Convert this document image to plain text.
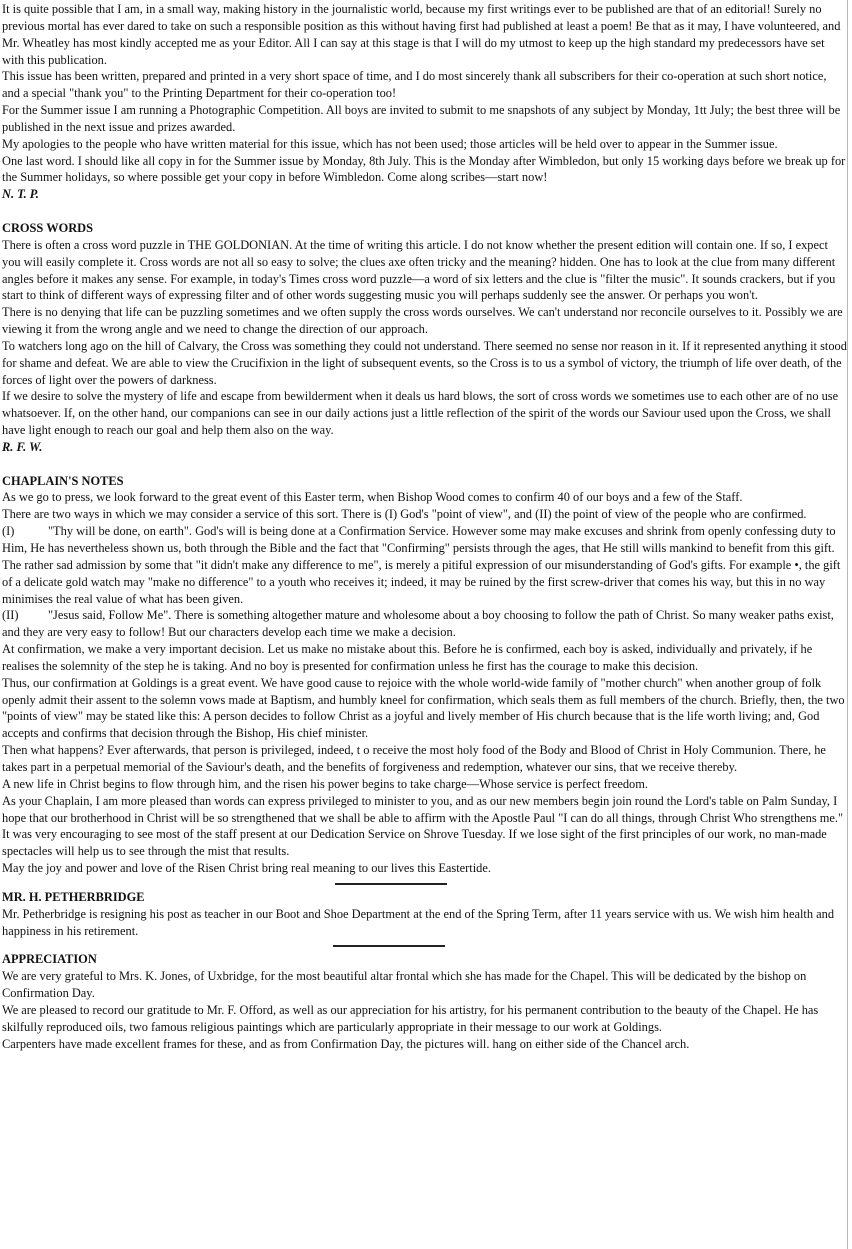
It is quite possible that I am, in a small way, making history in the journalistic world, because my first writings ever to be published are that of an editorial! Surely no previous mortal has ever dared to take on such a responsible position as this without having first had published at least a poem! Be that as it may, I have volunteered, and Mr. Wheatley has most kindly accepted me as your Editor. All I can say at this stage is that I will do my utmost to keep up the high standard my predecessors have set with this publication.

This issue has been written, prepared and printed in a very short space of time, and I do most sincerely thank all subscribers for their co-operation at such short notice, and a special "thank you" to the Printing Department for their co-operation too!

For the Summer issue I am running a Photographic Competition. All boys are invited to submit to me snapshots of any subject by Monday, 1tt July; the best three will be published in the next issue and prizes awarded.

My apologies to the people who have written material for this issue, which has not been used; those articles will be held over to appear in the Summer issue.

One last word. I should like all copy in for the Summer issue by Monday, 8th July. This is the Monday after Wimbledon, but only 15 working days before we break up for the Summer holidays, so where possible get your copy in before Wimbledon. Come along scribes—start now!

N. T. P.

CROSS WORDS

There is often a cross word puzzle in THE GOLDONIAN. At the time of writing this article. I do not know whether the present edition will contain one. If so, I expect you will easily complete it. Cross words are not all so easy to solve; the clues axe often tricky and the meaning? hidden. One has to look at the clue from many different angles before it makes any sense. For example, in today's Times cross word puzzle—a word of six letters and the clue is "filter the music". It sounds crackers, but if you start to think of different ways of expressing filter and of other words suggesting music you will perhaps suddenly see the answer. Or perhaps you won't.

There is no denying that life can be puzzling sometimes and we often supply the cross words ourselves. We can't understand nor reconcile ourselves to it. Possibly we are viewing it from the wrong angle and we need to change the direction of our approach.

To watchers long ago on the hill of Calvary, the Cross was something they could not understand. There seemed no sense nor reason in it. If it represented anything it stood for shame and defeat. We are able to view the Crucifixion in the light of subsequent events, so the Cross is to us a symbol of victory, the triumph of life over death, of the forces of light over the powers of darkness.

If we desire to solve the mystery of life and escape from bewilderment when it deals us hard blows, the sort of cross words we sometimes use to each other are of no use whatsoever. If, on the other hand, our companions can see in our daily actions just a little reflection of the spirit of the words our Saviour used upon the Cross, we shall have light enough to reach our goal and help them also on the way.

R. F. W.

CHAPLAIN'S NOTES

As we go to press, we look forward to the great event of this Easter term, when Bishop Wood comes to confirm 40 of our boys and a few of the Staff.

There are two ways in which we may consider a service of this sort. There is (I) God's "point of view", and (II) the point of view of the people who are confirmed.

(I)	"Thy will be done, on earth". God's will is being done at a Confirmation Service. However some may make excuses and shrink from openly confessing duty to Him, He has nevertheless shown us, both through the Bible and the fact that "Confirming" persists through the ages, that He still wills mankind to benefit from this gift. The rather sad admission by some that "it didn't make any difference to me", is merely a pitiful expression of our misunderstanding of God's gifts. For example •, the gift of a delicate gold watch may "make no difference" to a youth who receives it; indeed, it may be ruined by the first screw-driver that comes his way, but this in no way minimises the real value of what has been given.

(II) "Jesus said, Follow Me". There is something altogether mature and wholesome about a boy choosing to follow the path of Christ. So many weaker paths exist, and they are very easy to follow! But our characters develop each time we make a decision.

At confirmation, we make a very important decision. Let us make no mistake about this. Before he is confirmed, each boy is asked, individually and privately, if he realises the solemnity of the step he is taking. And no boy is presented for confirmation unless he first has the courage to make this decision.

Thus, our confirmation at Goldings is a great event. We have good cause to rejoice with the whole world-wide family of "mother church" when another group of folk openly admit their assent to the solemn vows made at Baptism, and humbly kneel for confirmation, which seals them as full members of the church. Briefly, then, the two "points of view" may be stated like this: A person decides to follow Christ as a joyful and lively member of His church because that is the life worth living; and, God accepts and confirms that decision through the Bishop, His chief minister.

Then what happens? Ever afterwards, that person is privileged, indeed, t o receive the most holy food of the Body and Blood of Christ in Holy Communion. There, he takes part in a perpetual memorial of the Saviour's death, and the benefits of forgiveness and redemption, whatever our sins, that we receive thereby.

A new life in Christ begins to flow through him, and the risen his power begins to take charge—Whose service is perfect freedom.

As your Chaplain, I am more pleased than words can express privileged to minister to you, and as our new members begin join round the Lord's table on Palm Sunday, I hope that our brotherhood in Christ will be so strengthened that we shall be able to affirm with the Apostle Paul "I can do all things, through Christ Who strengthens me."

It was very encouraging to see most of the staff present at our Dedication Service on Shrove Tuesday. If we lose sight of the first principles of our work, no man-made spectacles will help us to see through the mist that results.

May the joy and power and love of the Risen Christ bring real meaning to our lives this Eastertide.

MR. H. PETHERBRIDGE

Mr. Petherbridge is resigning his post as teacher in our Boot and Shoe Department at the end of the Spring Term, after 11 years service with us. We wish him health and happiness in his retirement.

APPRECIATION

We are very grateful to Mrs. K. Jones, of Uxbridge, for the most beautiful altar frontal which she has made for the Chapel. This will be dedicated by the bishop on Confirmation Day.

We are pleased to record our gratitude to Mr. F. Offord, as well as our appreciation for his artistry, for his permanent contribution to the beauty of the Chapel. He has skilfully reproduced oils, two famous religious paintings which are particularly appropriate in their message to our work at Goldings.

Carpenters have made excellent frames for these, and as from Confirmation Day, the pictures will. hang on either side of the Chancel arch.
